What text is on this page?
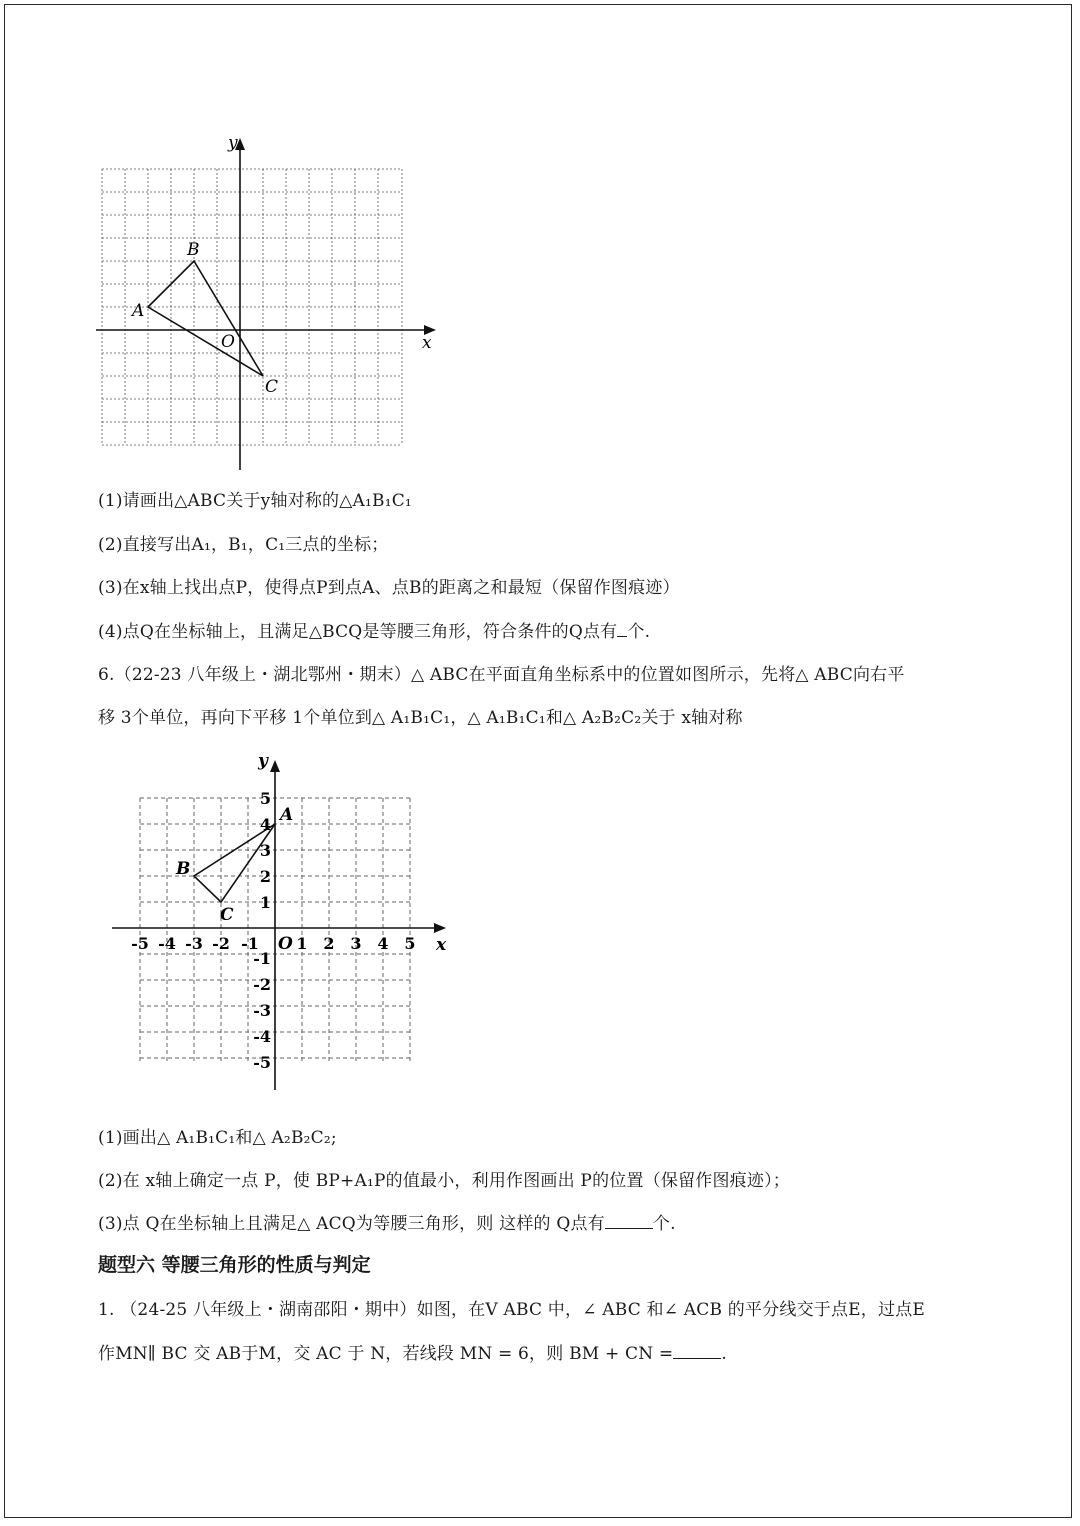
y
x
O
A
B
C
(1)请画出△ABC关于y轴对称的△A₁B₁C₁
(2)直接写出A₁，B₁，C₁三点的坐标；
(3)在x轴上找出点P，使得点P到点A、点B的距离之和最短（保留作图痕迹）
(4)点Q在坐标轴上，且满足△BCQ是等腰三角形，符合条件的Q点有 个.
6.（22-23 八年级上・湖北鄂州・期末）△ ABC在平面直角坐标系中的位置如图所示，先将△ ABC向右平
移 3个单位，再向下平移 1个单位到△ A₁B₁C₁，△ A₁B₁C₁和△ A₂B₂C₂关于 x轴对称
y
x
O
A
B
C
-5 -4 -3 -2 -1 1 2 3 4 5
5
4
3
2
1
-1
-2
-3
-4
-5
(1)画出△ A₁B₁C₁和△ A₂B₂C₂;
(2)在 x轴上确定一点 P，使 BP+A₁P的值最小，利用作图画出 P的位置（保留作图痕迹）；
(3)点 Q在坐标轴上且满足△ ACQ为等腰三角形，则 这样的 Q点有	个.
题型六 等腰三角形的性质与判定
1. （24-25 八年级上・湖南邵阳・期中）如图，在V ABC 中，∠ ABC 和∠ ACB 的平分线交于点E，过点E
作MN∥ BC 交 AB于M，交 AC 于 N，若线段 MN = 6，则 BM + CN =	.
